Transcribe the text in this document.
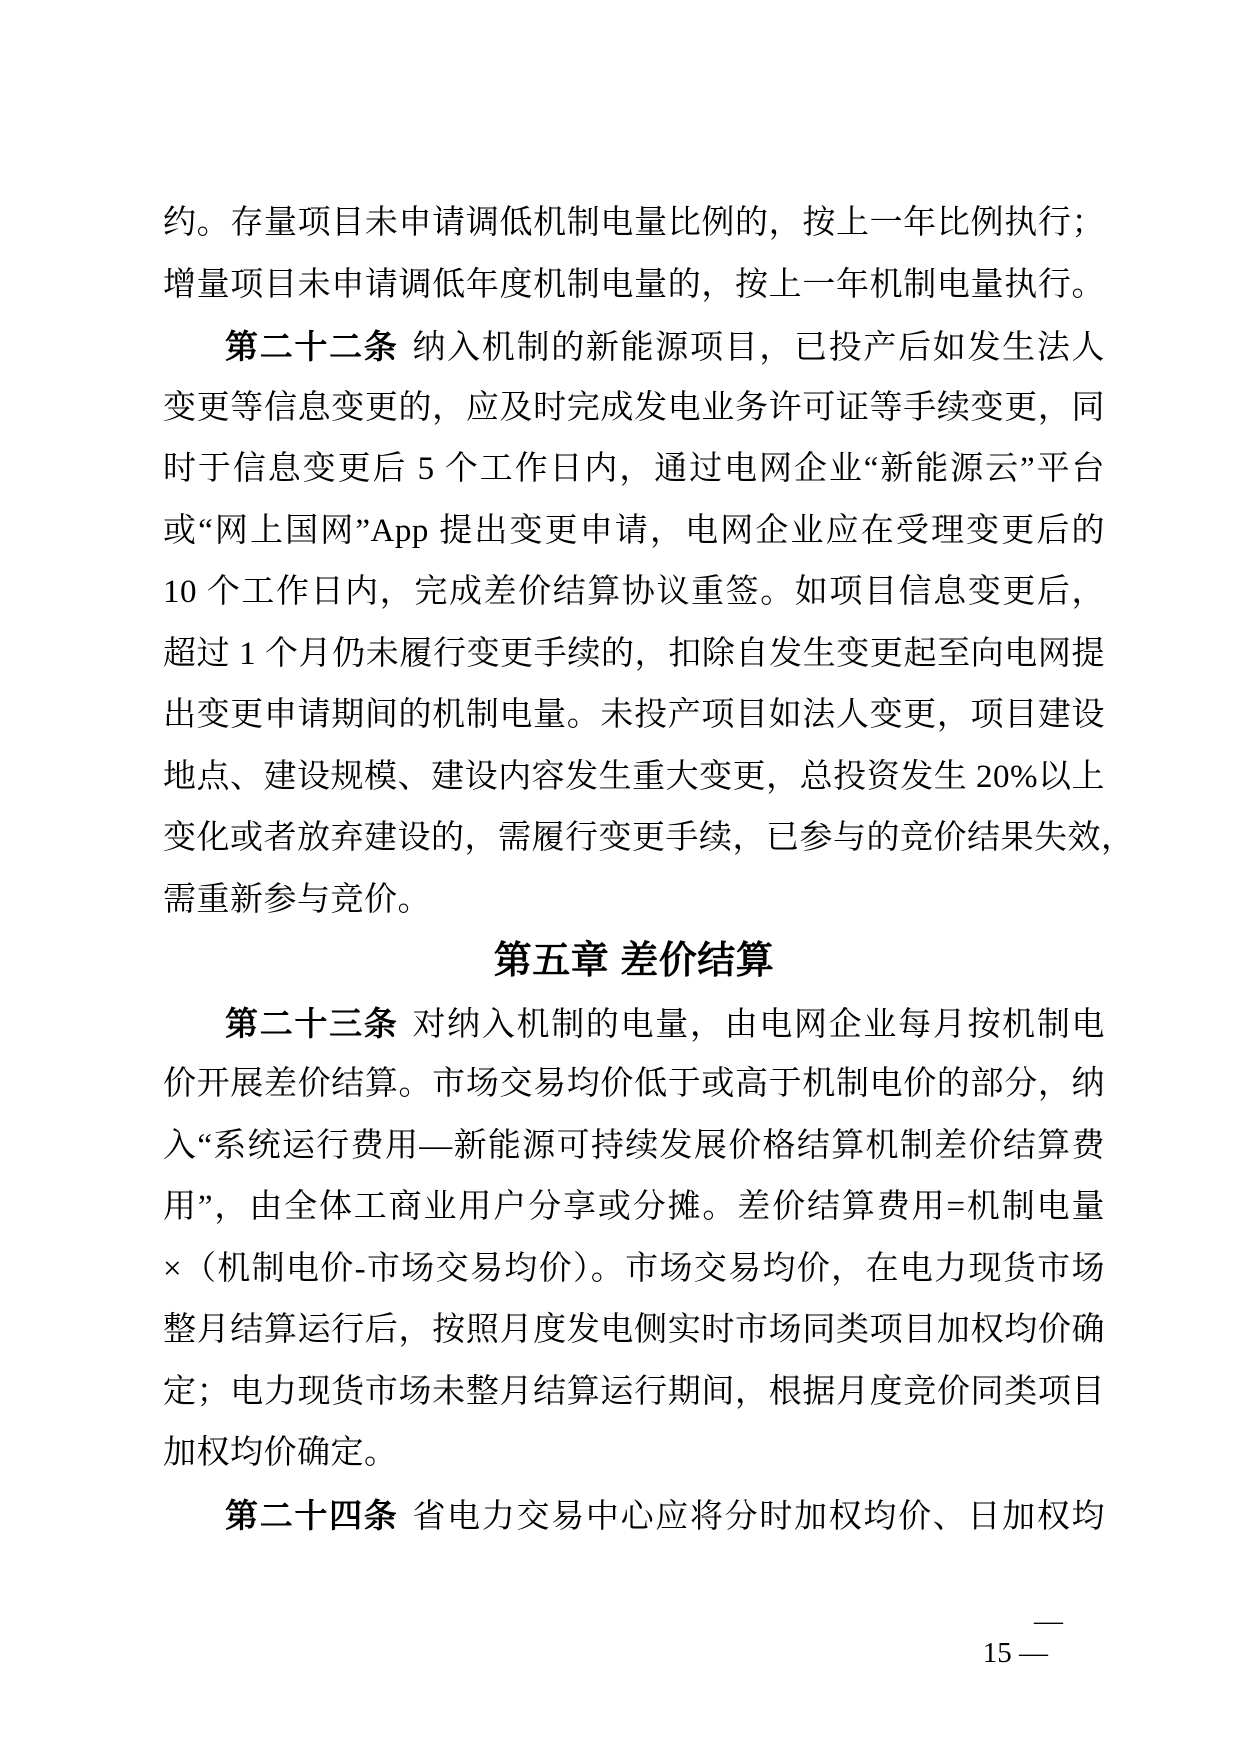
约。存量项目未申请调低机制电量比例的，按上一年比例执行；
增量项目未申请调低年度机制电量的，按上一年机制电量执行。
第二十二条 纳入机制的新能源项目，已投产后如发生法人
变更等信息变更的，应及时完成发电业务许可证等手续变更，同
时于信息变更后 5 个工作日内，通过电网企业“新能源云”平台
或“网上国网”App 提出变更申请，电网企业应在受理变更后的
10 个工作日内，完成差价结算协议重签。如项目信息变更后，
超过 1 个月仍未履行变更手续的，扣除自发生变更起至向电网提
出变更申请期间的机制电量。未投产项目如法人变更，项目建设
地点、建设规模、建设内容发生重大变更，总投资发生 20%以上
变化或者放弃建设的，需履行变更手续，已参与的竞价结果失效，
需重新参与竞价。
第五章 差价结算
第二十三条 对纳入机制的电量，由电网企业每月按机制电
价开展差价结算。市场交易均价低于或高于机制电价的部分，纳
入“系统运行费用—新能源可持续发展价格结算机制差价结算费
用”，由全体工商业用户分享或分摊。差价结算费用=机制电量
×（机制电价-市场交易均价）。市场交易均价，在电力现货市场
整月结算运行后，按照月度发电侧实时市场同类项目加权均价确
定；电力现货市场未整月结算运行期间，根据月度竞价同类项目
加权均价确定。
第二十四条 省电力交易中心应将分时加权均价、日加权均
—
15 —
